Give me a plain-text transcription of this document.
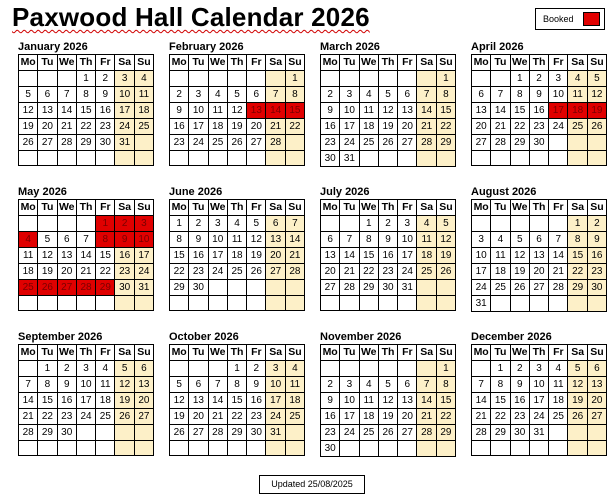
Paxwood Hall Calendar 2026	Booked
January 2026
Mo	Tu	We	Th	Fr	Sa	Su
			1	2	3	4
5	6	7	8	9	10	11
12	13	14	15	16	17	18
19	20	21	22	23	24	25
26	27	28	29	30	31	

February 2026
Mo	Tu	We	Th	Fr	Sa	Su
						1
2	3	4	5	6	7	8
9	10	11	12	13	14	15
16	17	18	19	20	21	22
23	24	25	26	27	28	

March 2026
Mo	Tu	We	Th	Fr	Sa	Su
						1
2	3	4	5	6	7	8
9	10	11	12	13	14	15
16	17	18	19	20	21	22
23	24	25	26	27	28	29
30	31					
April 2026
Mo	Tu	We	Th	Fr	Sa	Su
		1	2	3	4	5
6	7	8	9	10	11	12
13	14	15	16	17	18	19
20	21	22	23	24	25	26
27	28	29	30			

May 2026
Mo	Tu	We	Th	Fr	Sa	Su
				1	2	3
4	5	6	7	8	9	10
11	12	13	14	15	16	17
18	19	20	21	22	23	24
25	26	27	28	29	30	31

June 2026
Mo	Tu	We	Th	Fr	Sa	Su
1	2	3	4	5	6	7
8	9	10	11	12	13	14
15	16	17	18	19	20	21
22	23	24	25	26	27	28
29	30					

July 2026
Mo	Tu	We	Th	Fr	Sa	Su
		1	2	3	4	5
6	7	8	9	10	11	12
13	14	15	16	17	18	19
20	21	22	23	24	25	26
27	28	29	30	31		

August 2026
Mo	Tu	We	Th	Fr	Sa	Su
					1	2
3	4	5	6	7	8	9
10	11	12	13	14	15	16
17	18	19	20	21	22	23
24	25	26	27	28	29	30
31						
September 2026
Mo	Tu	We	Th	Fr	Sa	Su
	1	2	3	4	5	6
7	8	9	10	11	12	13
14	15	16	17	18	19	20
21	22	23	24	25	26	27
28	29	30				

October 2026
Mo	Tu	We	Th	Fr	Sa	Su
			1	2	3	4
5	6	7	8	9	10	11
12	13	14	15	16	17	18
19	20	21	22	23	24	25
26	27	28	29	30	31	

November 2026
Mo	Tu	We	Th	Fr	Sa	Su
						1
2	3	4	5	6	7	8
9	10	11	12	13	14	15
16	17	18	19	20	21	22
23	24	25	26	27	28	29
30						
December 2026
Mo	Tu	We	Th	Fr	Sa	Su
	1	2	3	4	5	6
7	8	9	10	11	12	13
14	15	16	17	18	19	20
21	22	23	24	25	26	27
28	29	30	31			

Updated 25/08/2025
